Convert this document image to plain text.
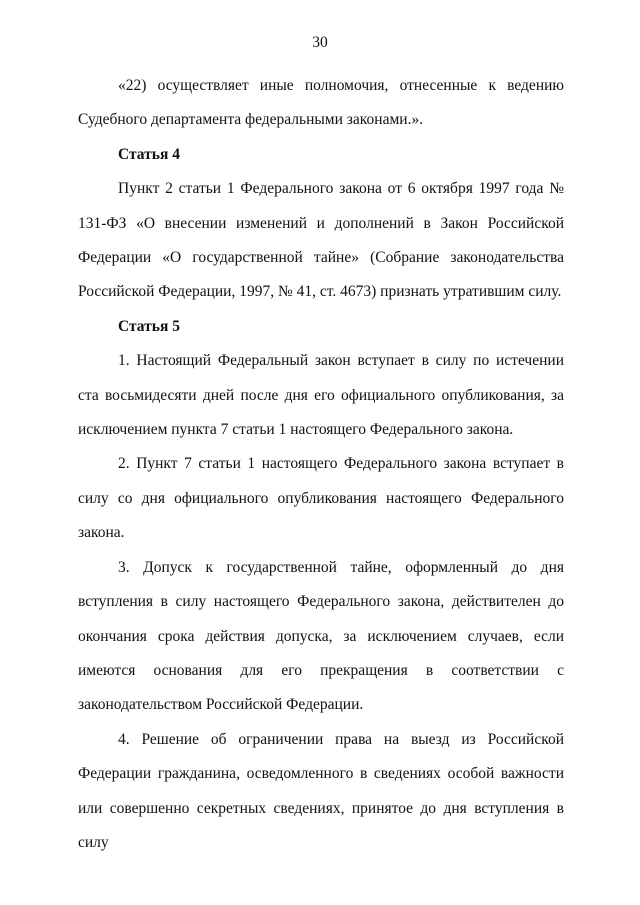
30

«22) осуществляет иные полномочия, отнесенные к ведению Судебного департамента федеральными законами.».

Статья 4

Пункт 2 статьи 1 Федерального закона от 6 октября 1997 года № 131-ФЗ «О внесении изменений и дополнений в Закон Российской Федерации «О государственной тайне» (Собрание законодательства Российской Федерации, 1997, № 41, ст. 4673) признать утратившим силу.

Статья 5

1. Настоящий Федеральный закон вступает в силу по истечении ста восьмидесяти дней после дня его официального опубликования, за исключением пункта 7 статьи 1 настоящего Федерального закона.

2. Пункт 7 статьи 1 настоящего Федерального закона вступает в силу со дня официального опубликования настоящего Федерального закона.

3. Допуск к государственной тайне, оформленный до дня вступления в силу настоящего Федерального закона, действителен до окончания срока действия допуска, за исключением случаев, если имеются основания для его прекращения в соответствии с законодательством Российской Федерации.

4. Решение об ограничении права на выезд из Российской Федерации гражданина, осведомленного в сведениях особой важности или совершенно секретных сведениях, принятое до дня вступления в силу
